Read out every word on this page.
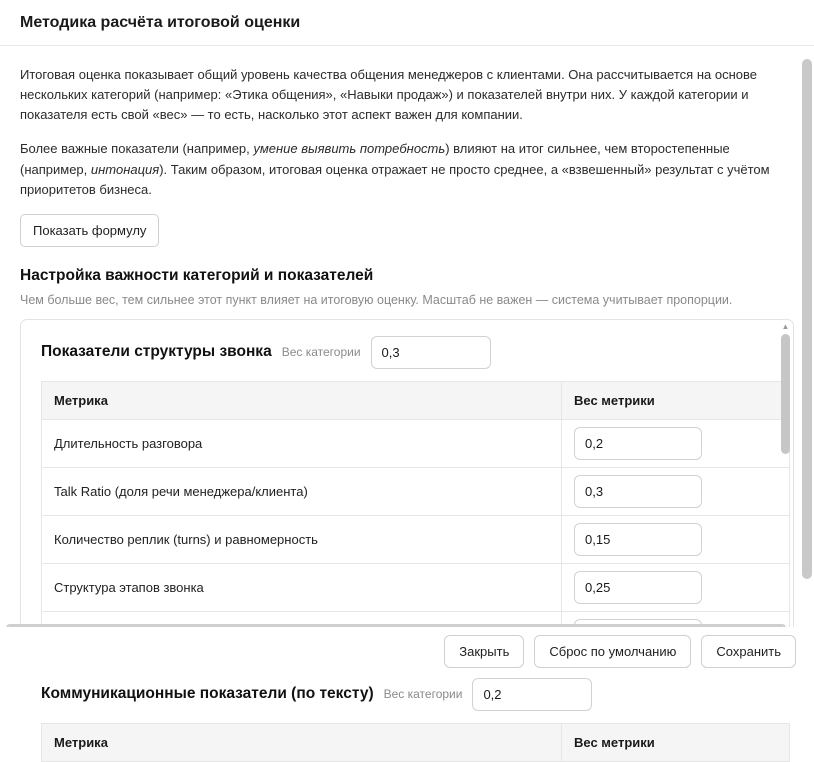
Методика расчёта итоговой оценки

Итоговая оценка показывает общий уровень качества общения менеджеров с клиентами. Она рассчитывается на основе нескольких категорий (например: «Этика общения», «Навыки продаж») и показателей внутри них. У каждой категории и показателя есть свой «вес» — то есть, насколько этот аспект важен для компании.

Более важные показатели (например, умение выявить потребность) влияют на итог сильнее, чем второстепенные (например, интонация). Таким образом, итоговая оценка отражает не просто среднее, а «взвешенный» результат с учётом приоритетов бизнеса.

Показать формулу
Настройка важности категорий и показателей
Чем больше вес, тем сильнее этот пункт влияет на итоговую оценку. Масштаб не важен — система учитывает пропорции.
Показатели структуры звонка Вес категории
0,3
Метрика	Вес метрики
Длительность разговора	0,2
Talk Ratio (доля речи менеджера/клиента)	0,3
Количество реплик (turns) и равномерность	0,15
Структура этапов звонка	0,25
	0,15
Коммуникационные показатели (по тексту) Вес категории
0,2
Метрика	Вес метрики
▲
Закрыть	Сброс по умолчанию	Сохранить
